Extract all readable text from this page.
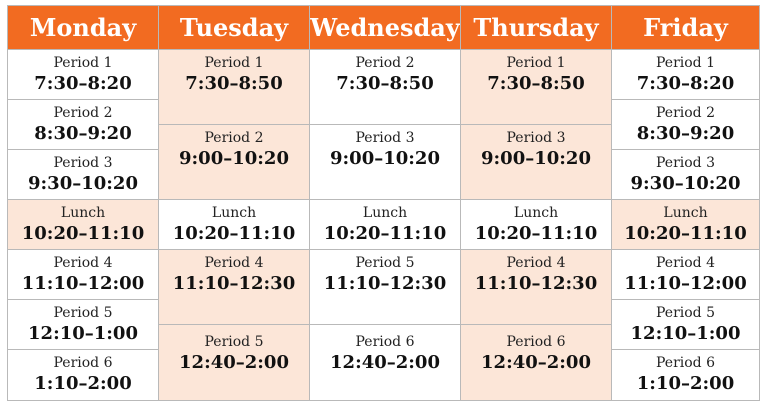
Monday
Period 1
7:30–8:20
Period 2
8:30–9:20
Period 3
9:30–10:20
Lunch
10:20–11:10
Period 4
11:10–12:00
Period 5
12:10–1:00
Period 6
1:10–2:00
Tuesday
Period 1
7:30–8:50
Period 2
9:00–10:20
Lunch
10:20–11:10
Period 4
11:10–12:30
Period 5
12:40–2:00
Wednesday
Period 2
7:30–8:50
Period 3
9:00–10:20
Lunch
10:20–11:10
Period 5
11:10–12:30
Period 6
12:40–2:00
Thursday
Period 1
7:30–8:50
Period 3
9:00–10:20
Lunch
10:20–11:10
Period 4
11:10–12:30
Period 6
12:40–2:00
Friday
Period 1
7:30–8:20
Period 2
8:30–9:20
Period 3
9:30–10:20
Lunch
10:20–11:10
Period 4
11:10–12:00
Period 5
12:10–1:00
Period 6
1:10–2:00
